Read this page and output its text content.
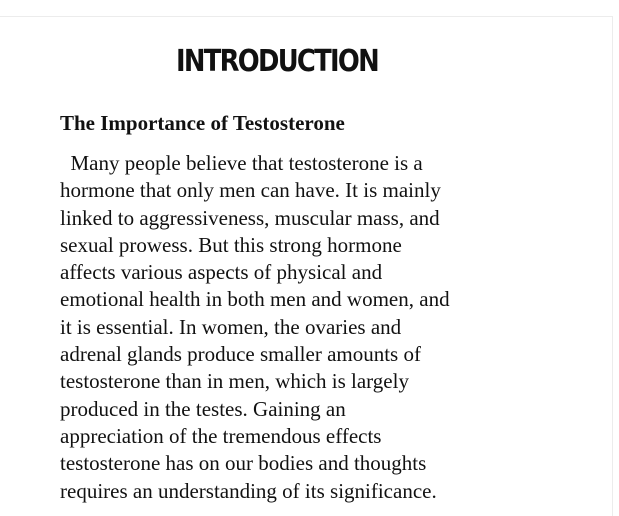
INTRODUCTION
The Importance of Testosterone

Many people believe that testosterone is a
hormone that only men can have. It is mainly
linked to aggressiveness, muscular mass, and
sexual prowess. But this strong hormone
affects various aspects of physical and
emotional health in both men and women, and
it is essential. In women, the ovaries and
adrenal glands produce smaller amounts of
testosterone than in men, which is largely
produced in the testes. Gaining an
appreciation of the tremendous effects
testosterone has on our bodies and thoughts
requires an understanding of its significance.
